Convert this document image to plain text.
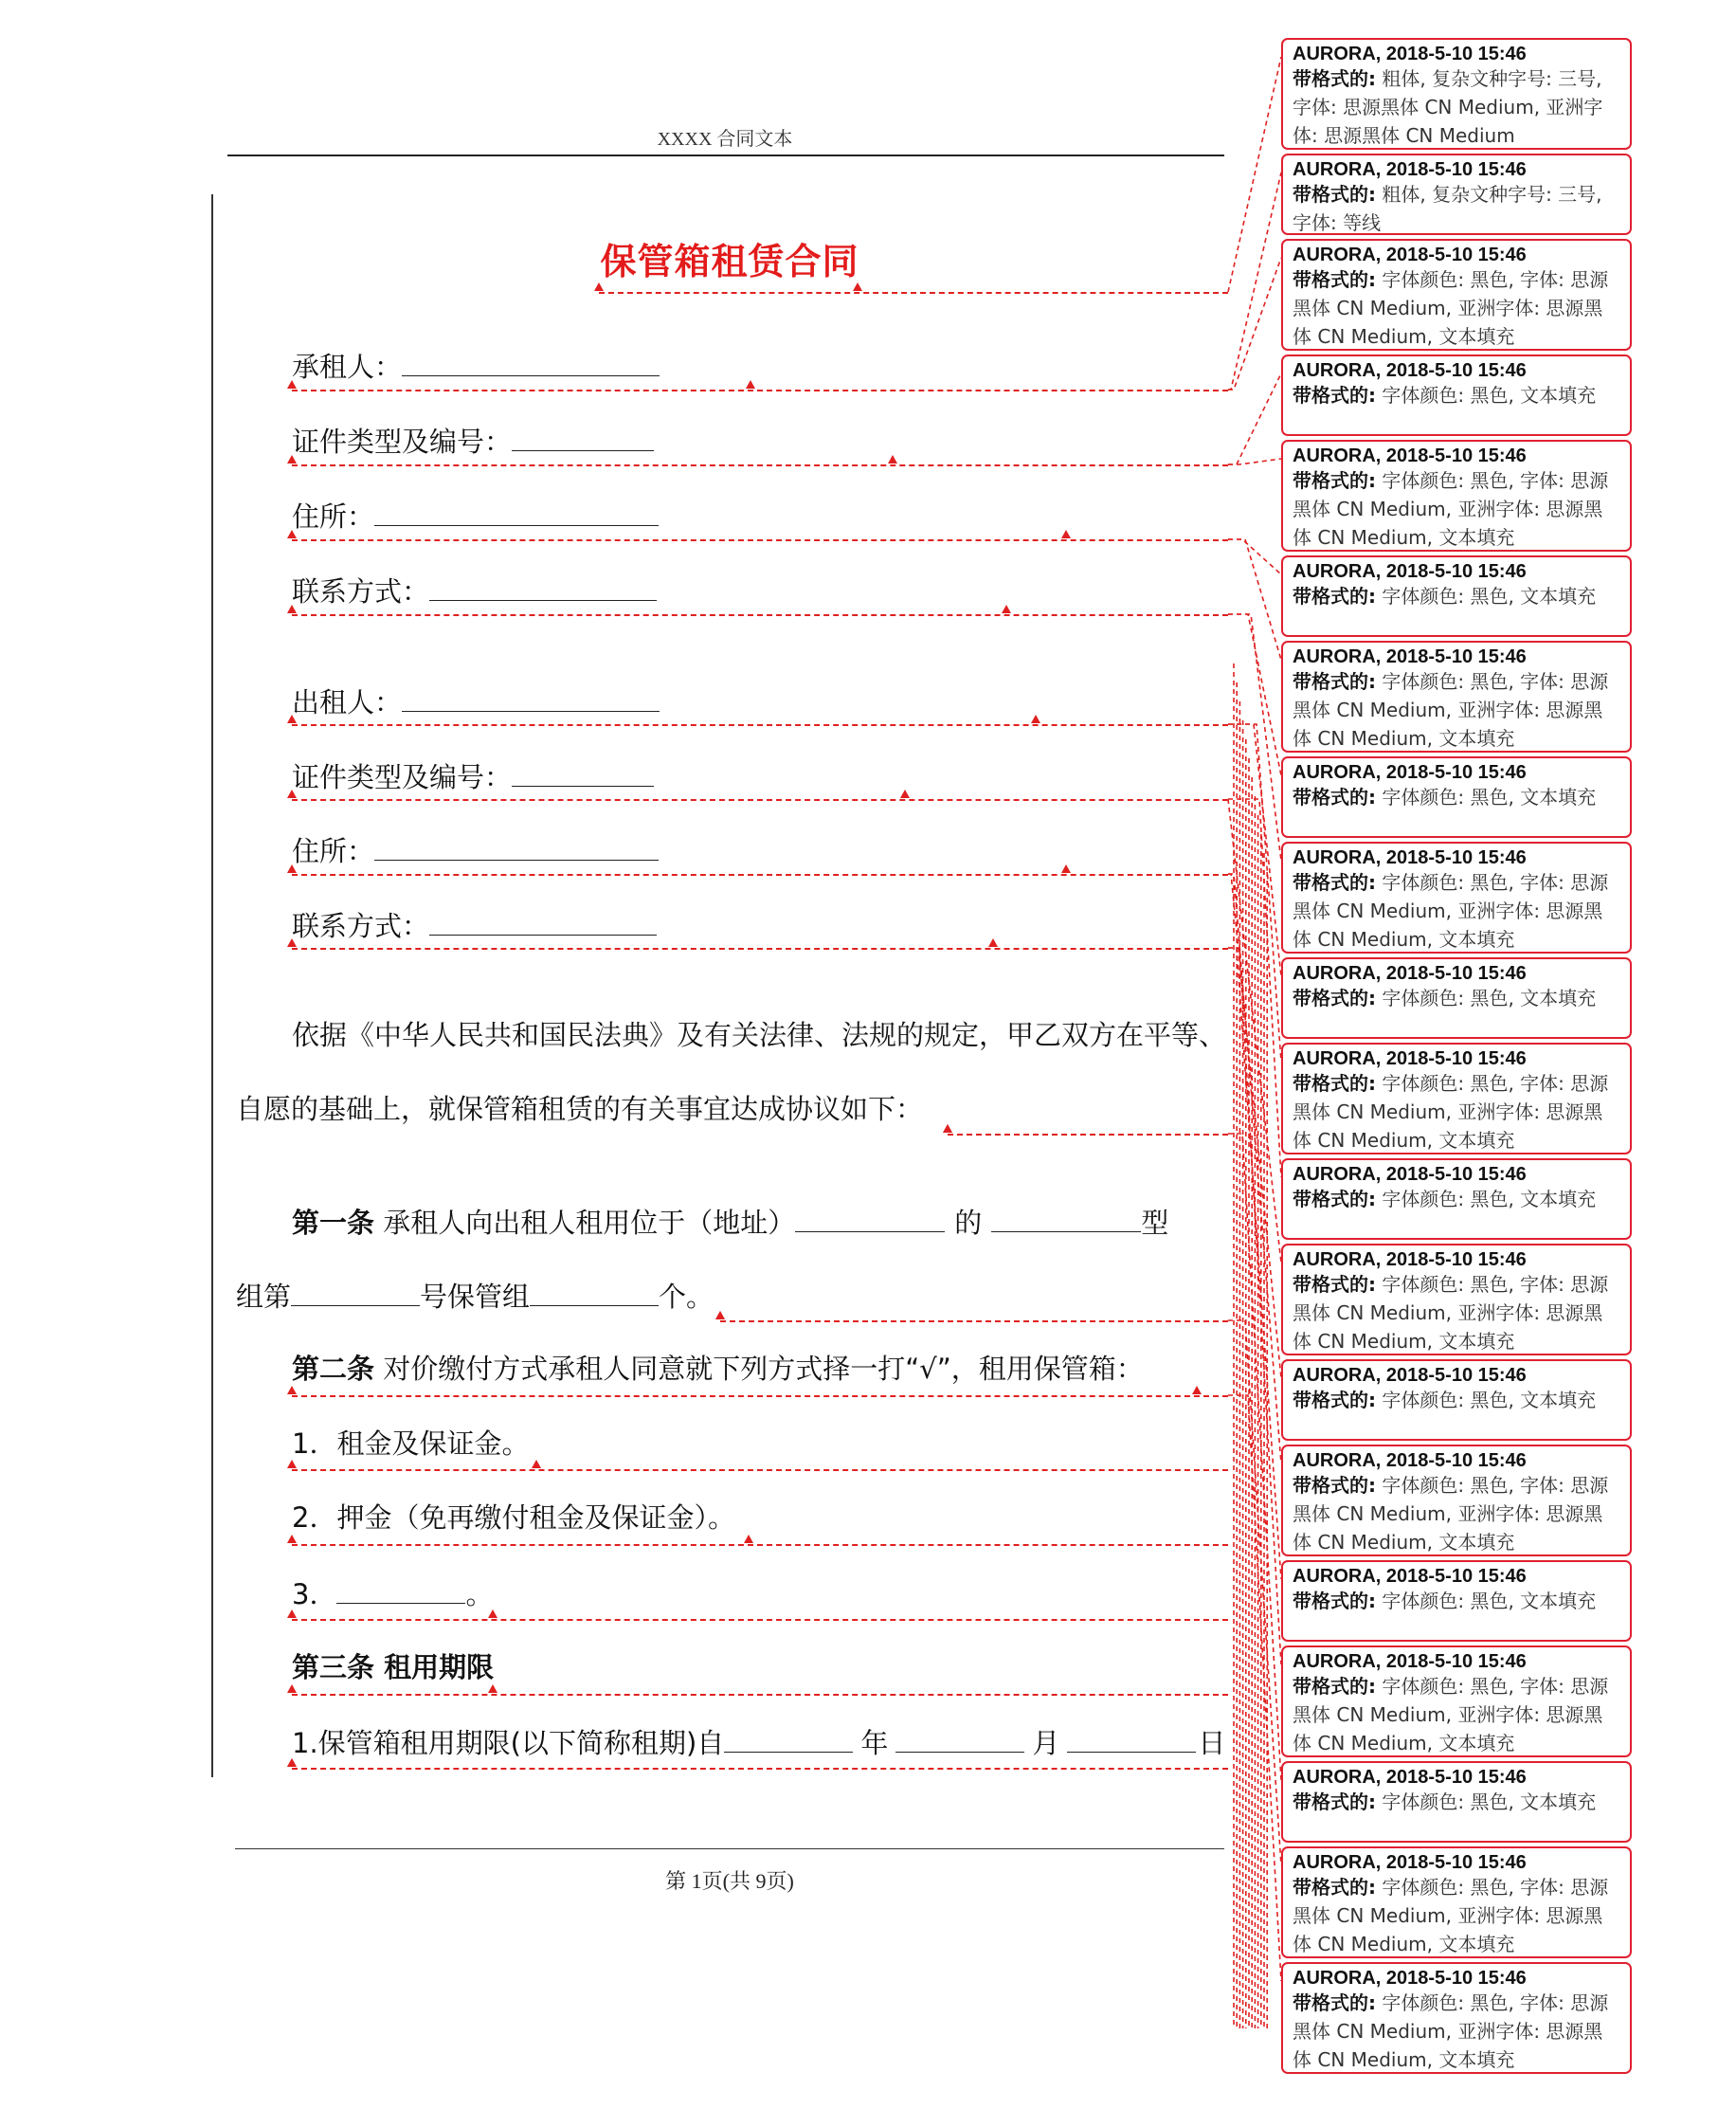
XXXX 合同文本
保管箱租赁合同
承租人：
证件类型及编号：
住所：
联系方式：
出租人：
证件类型及编号：
住所：
联系方式：
依据《中华人民共和国民法典》及有关法律、法规的规定，甲乙双方在平等、
自愿的基础上，就保管箱租赁的有关事宜达成协议如下：
第一条 承租人向出租人租用位于（地址）	的	型
组第	号保管组	个。
第二条 对价缴付方式承租人同意就下列方式择一打“√”，租用保管箱：
1．租金及保证金。
2．押金（免再缴付租金及保证金）。
3．	。
第三条 租用期限
1.保管箱租用期限(以下简称租期)自	年	月	日
第 1页(共 9页)
AURORA, 2018-5-10 15:46
带格式的: 粗体, 复杂文种字号: 三号, 字体: 思源黑体 CN Medium, 亚洲字体: 思源黑体 CN Medium
AURORA, 2018-5-10 15:46
带格式的: 粗体, 复杂文种字号: 三号, 字体: 等线
AURORA, 2018-5-10 15:46
带格式的: 字体颜色: 黑色, 字体: 思源黑体 CN Medium, 亚洲字体: 思源黑体 CN Medium, 文本填充
AURORA, 2018-5-10 15:46
带格式的: 字体颜色: 黑色, 文本填充
AURORA, 2018-5-10 15:46
带格式的: 字体颜色: 黑色, 字体: 思源黑体 CN Medium, 亚洲字体: 思源黑体 CN Medium, 文本填充
AURORA, 2018-5-10 15:46
带格式的: 字体颜色: 黑色, 文本填充
AURORA, 2018-5-10 15:46
带格式的: 字体颜色: 黑色, 字体: 思源黑体 CN Medium, 亚洲字体: 思源黑体 CN Medium, 文本填充
AURORA, 2018-5-10 15:46
带格式的: 字体颜色: 黑色, 文本填充
AURORA, 2018-5-10 15:46
带格式的: 字体颜色: 黑色, 字体: 思源黑体 CN Medium, 亚洲字体: 思源黑体 CN Medium, 文本填充
AURORA, 2018-5-10 15:46
带格式的: 字体颜色: 黑色, 文本填充
AURORA, 2018-5-10 15:46
带格式的: 字体颜色: 黑色, 字体: 思源黑体 CN Medium, 亚洲字体: 思源黑体 CN Medium, 文本填充
AURORA, 2018-5-10 15:46
带格式的: 字体颜色: 黑色, 文本填充
AURORA, 2018-5-10 15:46
带格式的: 字体颜色: 黑色, 字体: 思源黑体 CN Medium, 亚洲字体: 思源黑体 CN Medium, 文本填充
AURORA, 2018-5-10 15:46
带格式的: 字体颜色: 黑色, 文本填充
AURORA, 2018-5-10 15:46
带格式的: 字体颜色: 黑色, 字体: 思源黑体 CN Medium, 亚洲字体: 思源黑体 CN Medium, 文本填充
AURORA, 2018-5-10 15:46
带格式的: 字体颜色: 黑色, 文本填充
AURORA, 2018-5-10 15:46
带格式的: 字体颜色: 黑色, 字体: 思源黑体 CN Medium, 亚洲字体: 思源黑体 CN Medium, 文本填充
AURORA, 2018-5-10 15:46
带格式的: 字体颜色: 黑色, 文本填充
AURORA, 2018-5-10 15:46
带格式的: 字体颜色: 黑色, 字体: 思源黑体 CN Medium, 亚洲字体: 思源黑体 CN Medium, 文本填充
AURORA, 2018-5-10 15:46
带格式的: 字体颜色: 黑色, 字体: 思源黑体 CN Medium, 亚洲字体: 思源黑体 CN Medium, 文本填充
